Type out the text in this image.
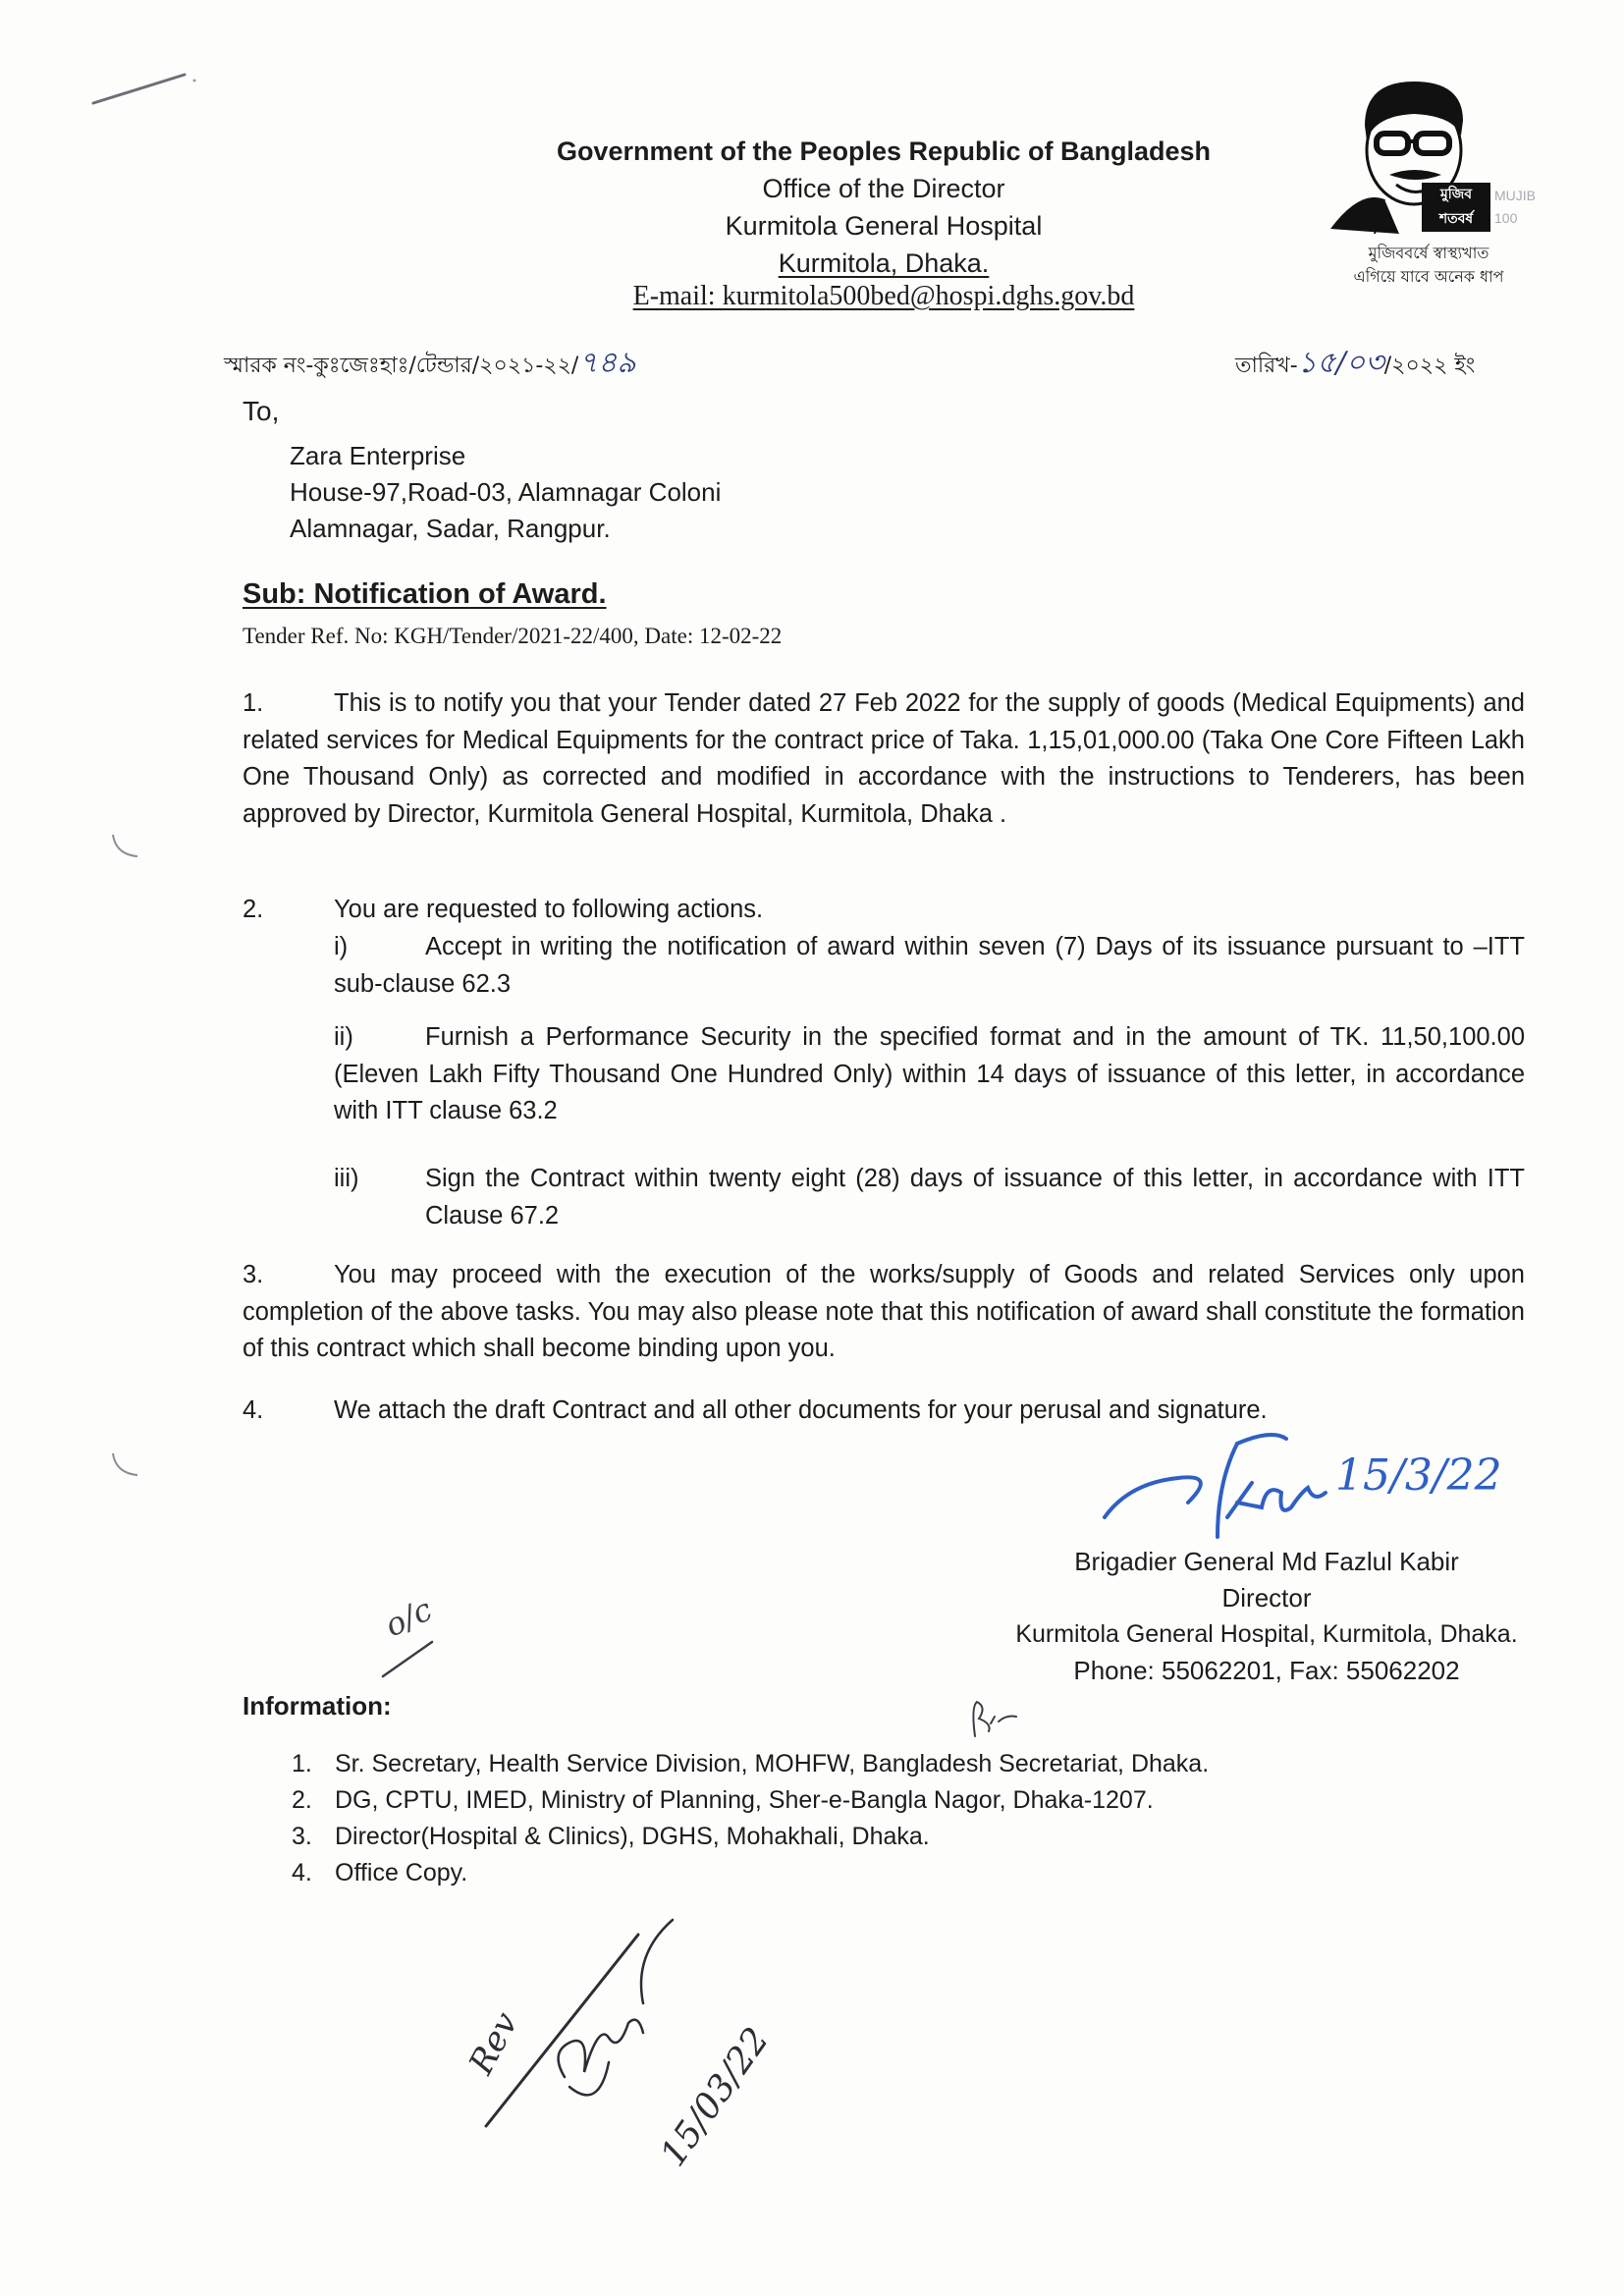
Government of the Peoples Republic of Bangladesh
Office of the Director
Kurmitola General Hospital
Kurmitola, Dhaka.
E-mail: kurmitola500bed@hospi.dghs.gov.bd
মুজিব শতবর্ষ
MUJIB 100
মুজিববর্ষে স্বাস্থ্যখাত
এগিয়ে যাবে অনেক ধাপ
স্মারক নং-কুঃজেঃহাঃ/টেন্ডার/২০২১-২২/৭৪৯	তারিখ-১৫/০৩/২০২২ ইং
To,
Zara Enterprise
House-97,Road-03, Alamnagar Coloni
Alamnagar, Sadar, Rangpur.
Sub: Notification of Award.
Tender Ref. No: KGH/Tender/2021-22/400, Date: 12-02-22
1.	This is to notify you that your Tender dated 27 Feb 2022 for the supply of goods (Medical Equipments) and related services for Medical Equipments for the contract price of Taka. 1,15,01,000.00 (Taka One Core Fifteen Lakh One Thousand Only) as corrected and modified in accordance with the instructions to Tenderers, has been approved by Director, Kurmitola General Hospital, Kurmitola, Dhaka .
2.	You are requested to following actions.
i)	Accept in writing the notification of award within seven (7) Days of its issuance pursuant to –ITT sub-clause 62.3
ii)	Furnish a Performance Security in the specified format and in the amount of TK. 11,50,100.00 (Eleven Lakh Fifty Thousand One Hundred Only) within 14 days of issuance of this letter, in accordance with ITT clause 63.2
iii)	Sign the Contract within twenty eight (28) days of issuance of this letter, in accordance with ITT Clause 67.2
3.	You may proceed with the execution of the works/supply of Goods and related Services only upon completion of the above tasks. You may also please note that this notification of award shall constitute the formation of this contract which shall become binding upon you.
4.	We attach the draft Contract and all other documents for your perusal and signature.
15/3/22
Brigadier General Md Fazlul Kabir
Director
Kurmitola General Hospital, Kurmitola, Dhaka.
Phone: 55062201, Fax: 55062202
o/c
Information:
1. Sr. Secretary, Health Service Division, MOHFW, Bangladesh Secretariat, Dhaka.
2. DG, CPTU, IMED, Ministry of Planning, Sher-e-Bangla Nagor, Dhaka-1207.
3. Director(Hospital & Clinics), DGHS, Mohakhali, Dhaka.
4. Office Copy.
Rev	15/03/22
